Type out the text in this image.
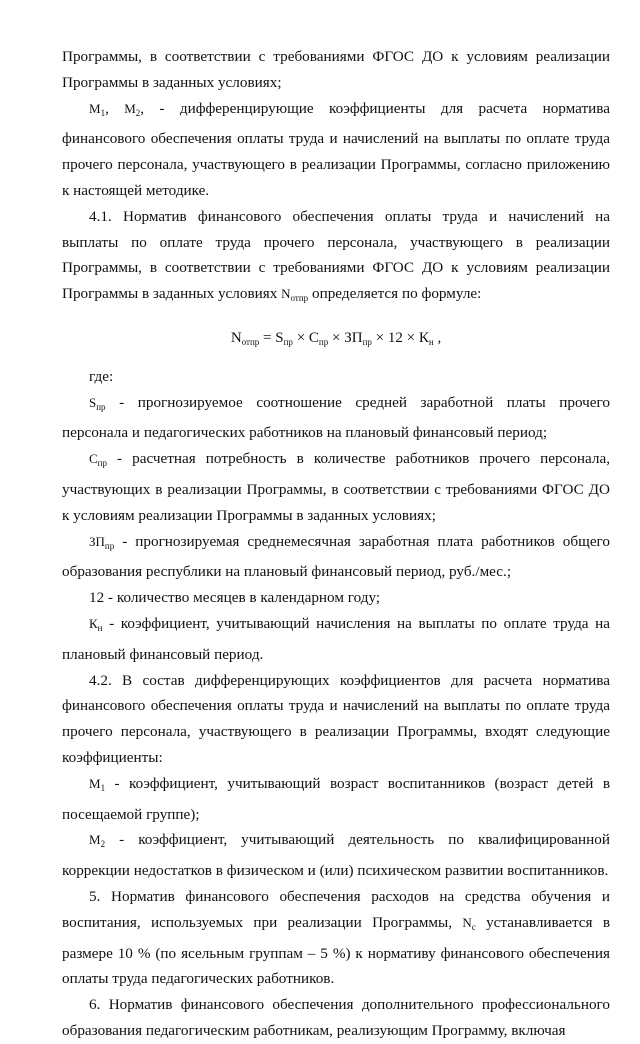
Программы, в соответствии с требованиями ФГОС ДО к условиям реализации Программы в заданных условиях;

$М_1$, $М_2$, - дифференцирующие коэффициенты для расчета норматива финансового обеспечения оплаты труда и начислений на выплаты по оплате труда прочего персонала, участвующего в реализации Программы, согласно приложению к настоящей методике.

4.1. Норматив финансового обеспечения оплаты труда и начислений на выплаты по оплате труда прочего персонала, участвующего в реализации Программы, в соответствии с требованиями ФГОС ДО к условиям реализации Программы в заданных условиях $N_{отпр}$ определяется по формуле:

$N_{отпр} = S_{пр} \times С_{пр} \times ЗП_{пр} \times 12 \times К_н$ ,

где:

$S_{пр}$ - прогнозируемое соотношение средней заработной платы прочего персонала и педагогических работников на плановый финансовый период;

$С_{пр}$ - расчетная потребность в количестве работников прочего персонала, участвующих в реализации Программы, в соответствии с требованиями ФГОС ДО к условиям реализации Программы в заданных условиях;

$ЗП_{пр}$ - прогнозируемая среднемесячная заработная плата работников общего образования республики на плановый финансовый период, руб./мес.;

12 - количество месяцев в календарном году;

$К_н$ - коэффициент, учитывающий начисления на выплаты по оплате труда на плановый финансовый период.

4.2. В состав дифференцирующих коэффициентов для расчета норматива финансового обеспечения оплаты труда и начислений на выплаты по оплате труда прочего персонала, участвующего в реализации Программы, входят следующие коэффициенты:

$М_1$ - коэффициент, учитывающий возраст воспитанников (возраст детей в посещаемой группе);

$М_2$ - коэффициент, учитывающий деятельность по квалифицированной коррекции недостатков в физическом и (или) психическом развитии воспитанников.

5. Норматив финансового обеспечения расходов на средства обучения и воспитания, используемых при реализации Программы, $N_с$ устанавливается в размере 10 % (по ясельным группам – 5 %) к нормативу финансового обеспечения оплаты труда педагогических работников.

6. Норматив финансового обеспечения дополнительного профессионального образования педагогическим работникам, реализующим Программу, включая
